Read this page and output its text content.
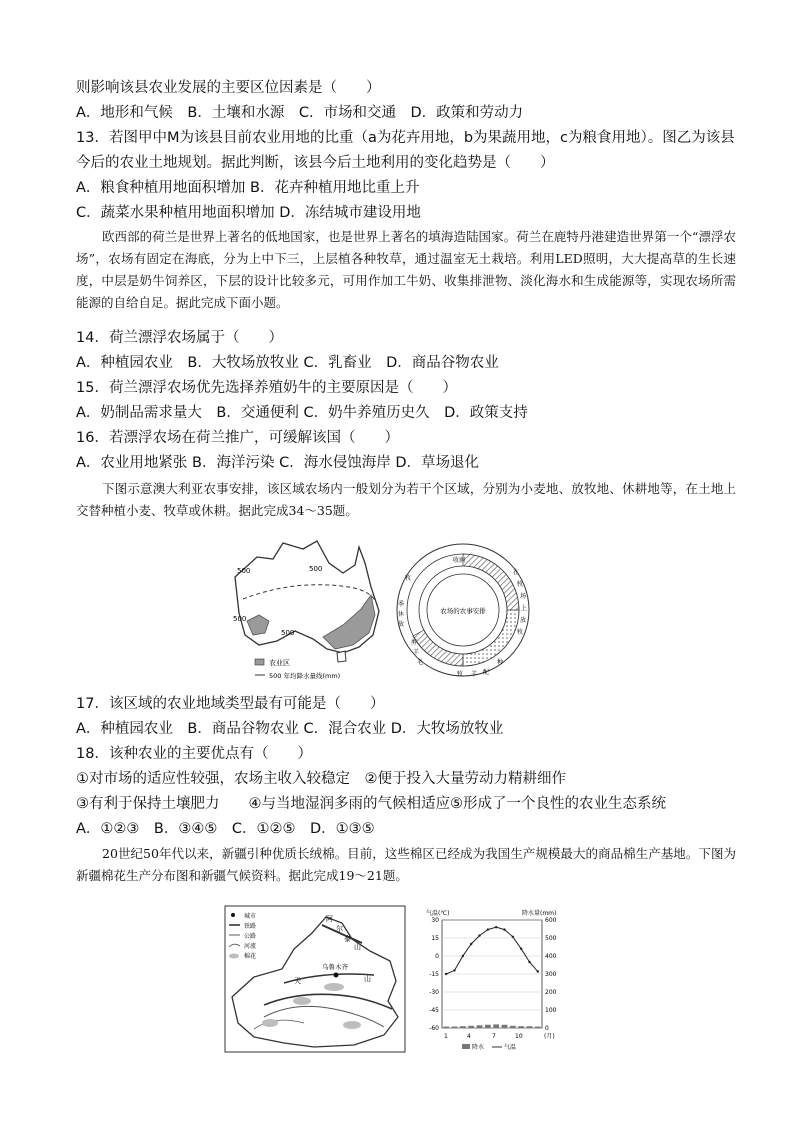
则影响该县农业发展的主要区位因素是（　　）
A．地形和气候　B．土壤和水源　C．市场和交通　D．政策和劳动力
13．若图甲中M为该县目前农业用地的比重（a为花卉用地，b为果蔬用地，c为粮食用地）。图乙为该县
今后的农业土地规划。据此判断，该县今后土地利用的变化趋势是（　　）
A．粮食种植用地面积增加 B．花卉种植用地比重上升
C．蔬菜水果种植用地面积增加 D．冻结城市建设用地

欧西部的荷兰是世界上著名的低地国家，也是世界上著名的填海造陆国家。荷兰在鹿特丹港建造世界第一个“漂浮农场”，农场有固定在海底，分为上中下三，上层植各种牧草，通过温室无土栽培。利用LED照明，大大提高草的生长速度，中层是奶牛饲养区，下层的设计比较多元，可用作加工牛奶、收集排泄物、淡化海水和生成能源等，实现农场所需能源的自给自足。据此完成下面小题。

14．荷兰漂浮农场属于（　　）
A．种植园农业　B．大牧场放牧业 C．乳畜业　D．商品谷物农业
15．荷兰漂浮农场优先选择养殖奶牛的主要原因是（　　）
A．奶制品需求量大　B．交通便利 C．奶牛养殖历史久　D．政策支持
16．若漂浮农场在荷兰推广，可缓解该国（　　）
A．农业用地紧张 B．海洋污染 C．海水侵蚀海岸 D．草场退化

下图示意澳大利亚农事安排，该区域农场内一般划分为若干个区域，分别为小麦地、放牧地、休耕地等，在土地上交替种植小麦、牧草或休耕。据此完成34～35题。

500	500
500
500
农业区
500 年均降水量线(mm)
农场的农事安排
收割
在
牧
场
上
放
牧
种
配
羊
牧
剪
羊
毛
季
休
放
牧
17．该区域的农业地域类型最有可能是（　　）
A．种植园农业　B．商品谷物农业 C．混合农业 D．大牧场放牧业
18．该种农业的主要优点有（　　）
①对市场的适应性较强，农场主收入较稳定　②便于投入大量劳动力精耕细作
③有利于保持土壤肥力　　④与当地湿润多雨的气候相适应⑤形成了一个良性的农业生态系统
A．①②③　B．③④⑤　C．①②⑤　D．①③⑤

20世纪50年代以来，新疆引种优质长绒棉。目前，这些棉区已经成为我国生产规模最大的商品棉生产基地。下图为新疆棉花生产分布图和新疆气候资料。据此完成19～21题。

阿
尔
泰
山
天
乌鲁木齐
山
城市
铁路
公路
河流
棉花
气温(℃)	降水量(mm)
30
15
0
-15
-30
-45
-60
600
500
400
300
200
100
0
1	4	7	10	(月)
降水	气温
